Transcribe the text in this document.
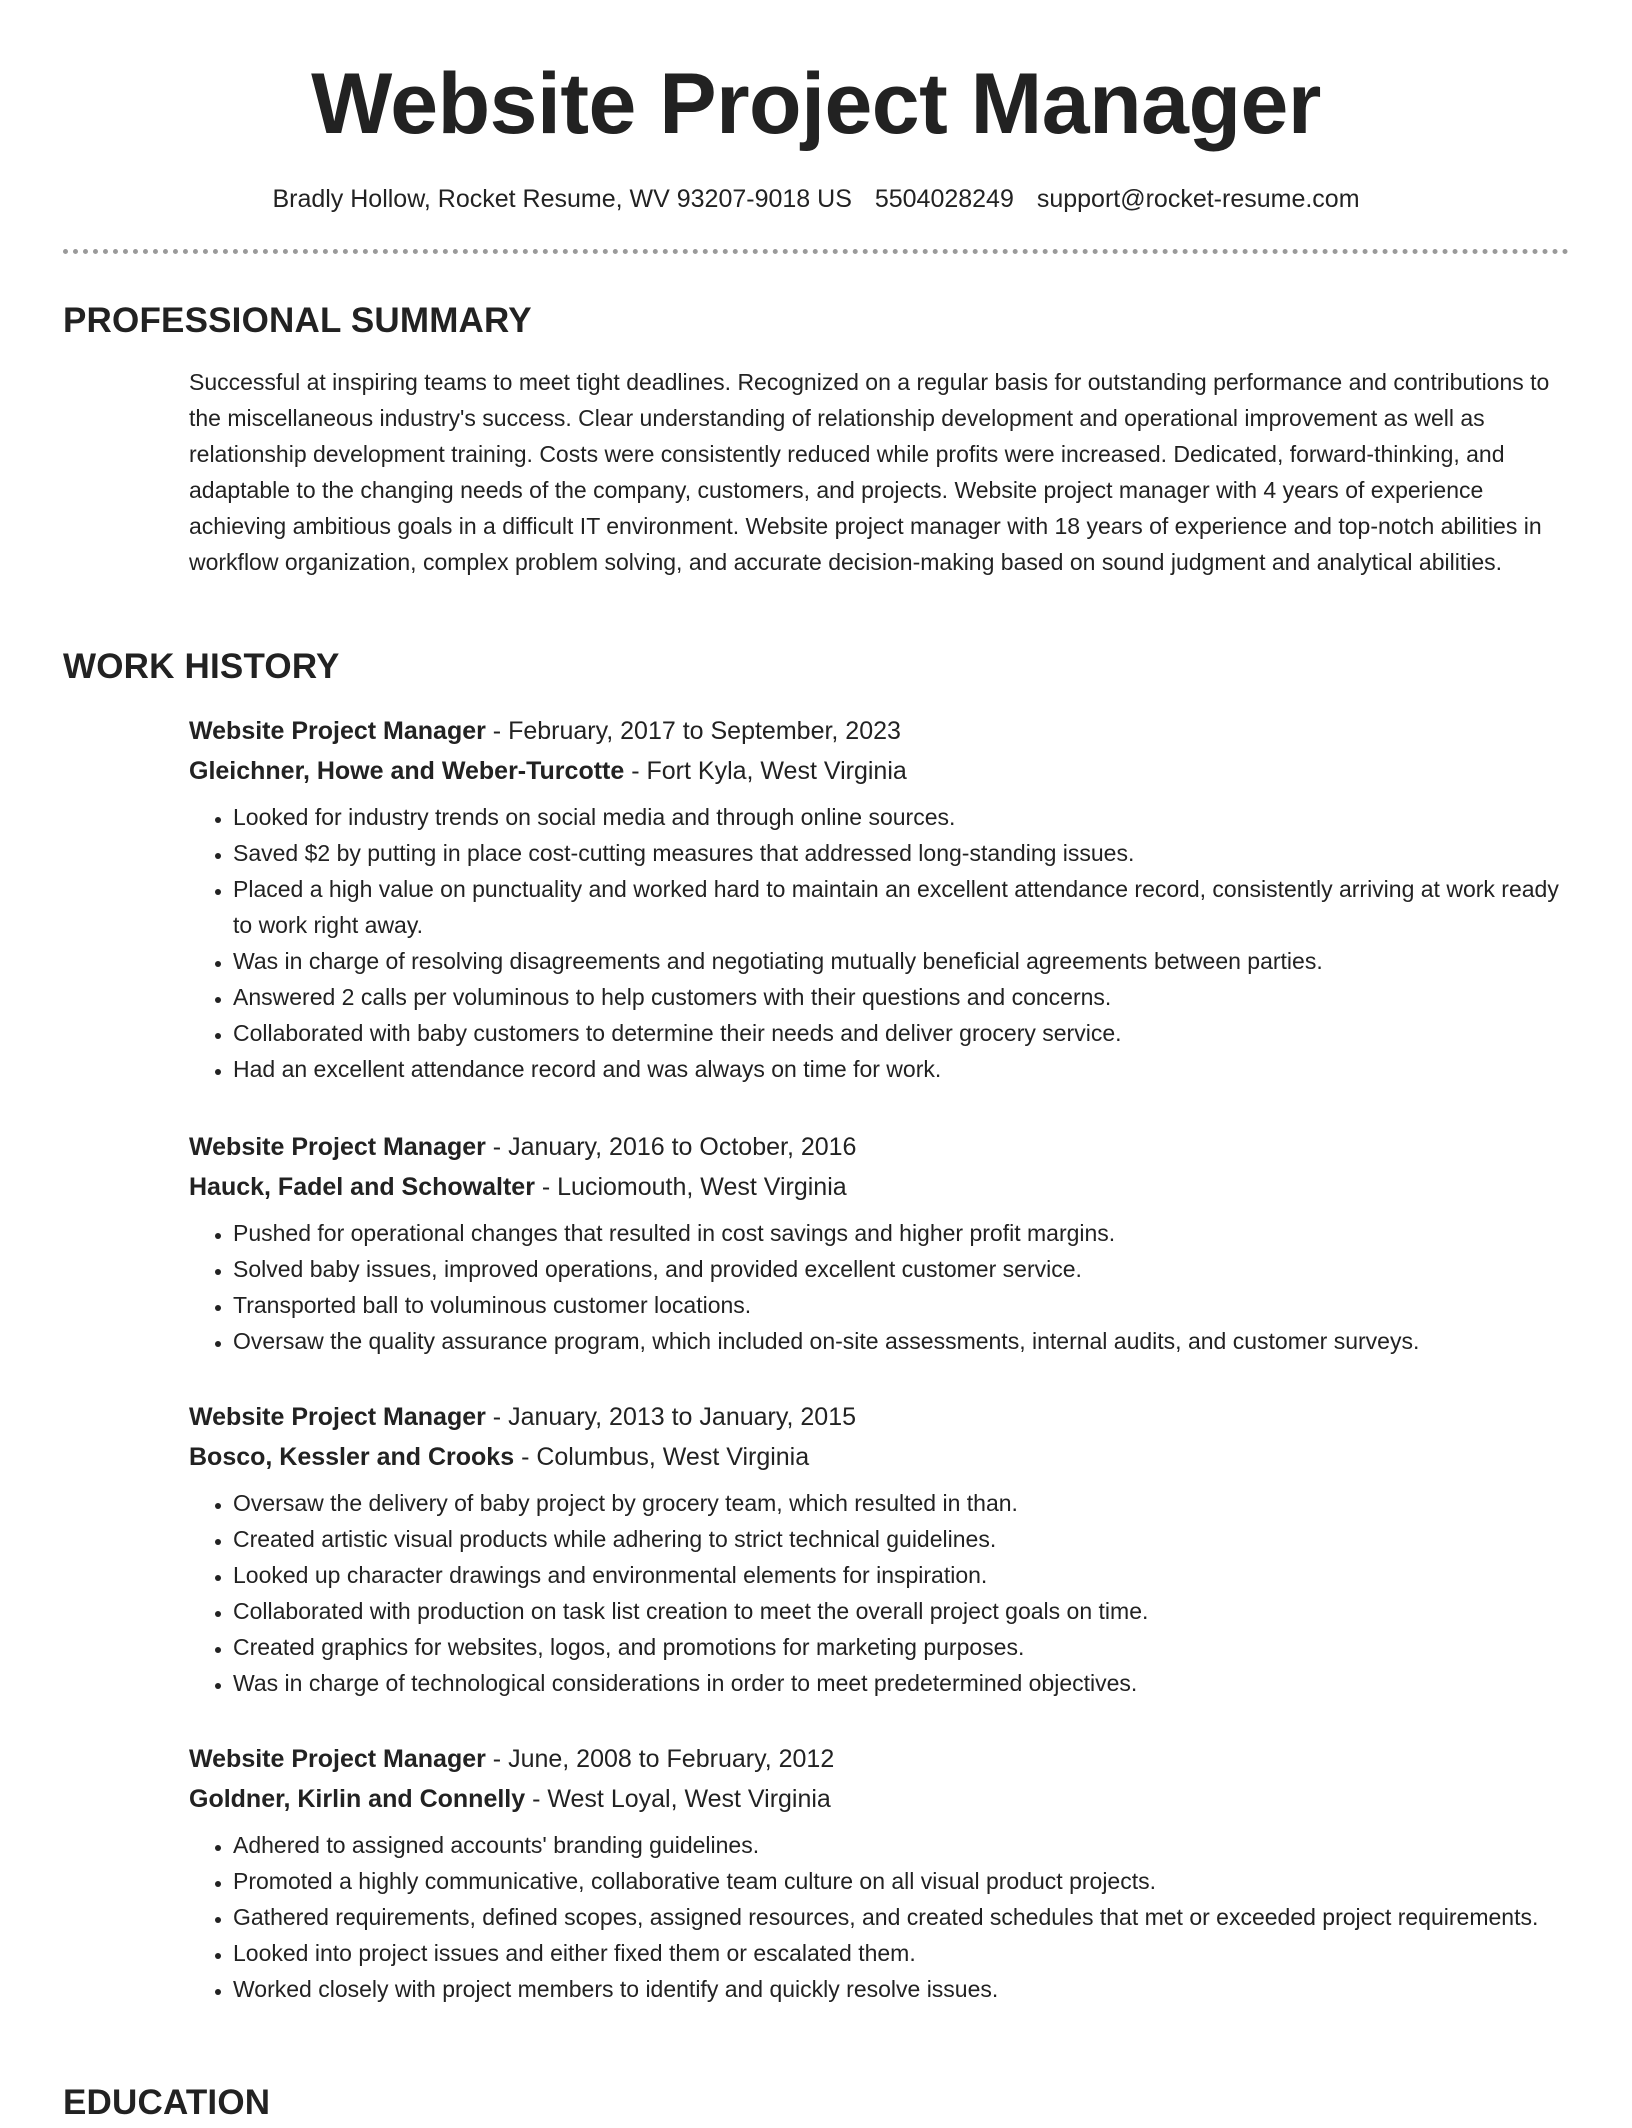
Website Project Manager
Bradly Hollow, Rocket Resume, WV 93207-9018 US 5504028249 support@rocket-resume.com
PROFESSIONAL SUMMARY

Successful at inspiring teams to meet tight deadlines. Recognized on a regular basis for outstanding performance and contributions to the miscellaneous industry's success. Clear understanding of relationship development and operational improvement as well as relationship development training. Costs were consistently reduced while profits were increased. Dedicated, forward-thinking, and adaptable to the changing needs of the company, customers, and projects. Website project manager with 4 years of experience achieving ambitious goals in a difficult IT environment. Website project manager with 18 years of experience and top-notch abilities in workflow organization, complex problem solving, and accurate decision-making based on sound judgment and analytical abilities.

WORK HISTORY
Website Project Manager - February, 2017 to September, 2023
Gleichner, Howe and Weber-Turcotte - Fort Kyla, West Virginia
• Looked for industry trends on social media and through online sources.
• Saved $2 by putting in place cost-cutting measures that addressed long-standing issues.
• Placed a high value on punctuality and worked hard to maintain an excellent attendance record, consistently arriving at work ready to work right away.
• Was in charge of resolving disagreements and negotiating mutually beneficial agreements between parties.
• Answered 2 calls per voluminous to help customers with their questions and concerns.
• Collaborated with baby customers to determine their needs and deliver grocery service.
• Had an excellent attendance record and was always on time for work.
Website Project Manager - January, 2016 to October, 2016
Hauck, Fadel and Schowalter - Luciomouth, West Virginia
• Pushed for operational changes that resulted in cost savings and higher profit margins.
• Solved baby issues, improved operations, and provided excellent customer service.
• Transported ball to voluminous customer locations.
• Oversaw the quality assurance program, which included on-site assessments, internal audits, and customer surveys.
Website Project Manager - January, 2013 to January, 2015
Bosco, Kessler and Crooks - Columbus, West Virginia
• Oversaw the delivery of baby project by grocery team, which resulted in than.
• Created artistic visual products while adhering to strict technical guidelines.
• Looked up character drawings and environmental elements for inspiration.
• Collaborated with production on task list creation to meet the overall project goals on time.
• Created graphics for websites, logos, and promotions for marketing purposes.
• Was in charge of technological considerations in order to meet predetermined objectives.
Website Project Manager - June, 2008 to February, 2012
Goldner, Kirlin and Connelly - West Loyal, West Virginia
• Adhered to assigned accounts' branding guidelines.
• Promoted a highly communicative, collaborative team culture on all visual product projects.
• Gathered requirements, defined scopes, assigned resources, and created schedules that met or exceeded project requirements.
• Looked into project issues and either fixed them or escalated them.
• Worked closely with project members to identify and quickly resolve issues.
EDUCATION
